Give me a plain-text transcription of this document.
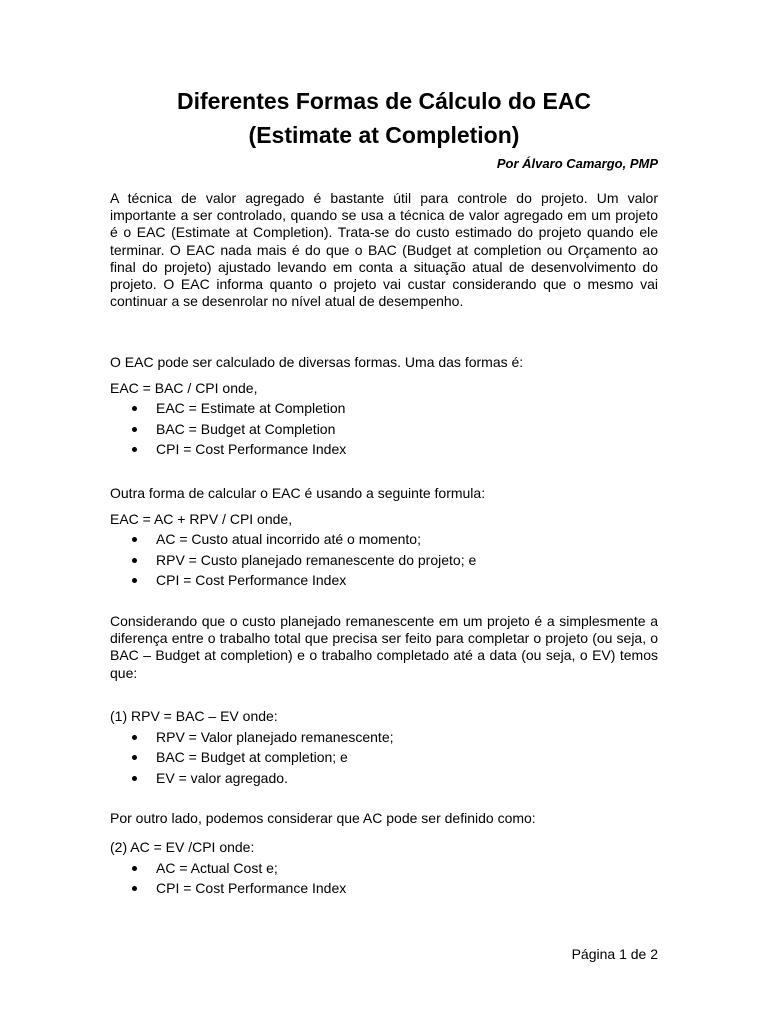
Diferentes Formas de Cálculo do EAC
(Estimate at Completion)
Por Álvaro Camargo, PMP

A técnica de valor agregado é bastante útil para controle do projeto. Um valor importante a ser controlado, quando se usa a técnica de valor agregado em um projeto é o EAC (Estimate at Completion). Trata-se do custo estimado do projeto quando ele terminar. O EAC nada mais é do que o BAC (Budget at completion ou Orçamento ao final do projeto) ajustado levando em conta a situação atual de desenvolvimento do projeto. O EAC informa quanto o projeto vai custar considerando que o mesmo vai continuar a se desenrolar no nível atual de desempenho.

O EAC pode ser calculado de diversas formas. Uma das formas é:

EAC = BAC / CPI onde,

EAC = Estimate at Completion
BAC = Budget at Completion
CPI = Cost Performance Index

Outra forma de calcular o EAC é usando a seguinte formula:

EAC = AC + RPV / CPI onde,

AC = Custo atual incorrido até o momento;
RPV = Custo planejado remanescente do projeto; e
CPI = Cost Performance Index

Considerando que o custo planejado remanescente em um projeto é a simplesmente a diferença entre o trabalho total que precisa ser feito para completar o projeto (ou seja, o BAC – Budget at completion) e o trabalho completado até a data (ou seja, o EV) temos que:

(1) RPV = BAC – EV onde:

RPV = Valor planejado remanescente;
BAC = Budget at completion; e
EV = valor agregado.

Por outro lado, podemos considerar que AC pode ser definido como:

(2) AC = EV /CPI onde:

AC = Actual Cost e;
CPI = Cost Performance Index
Página 1 de 2
